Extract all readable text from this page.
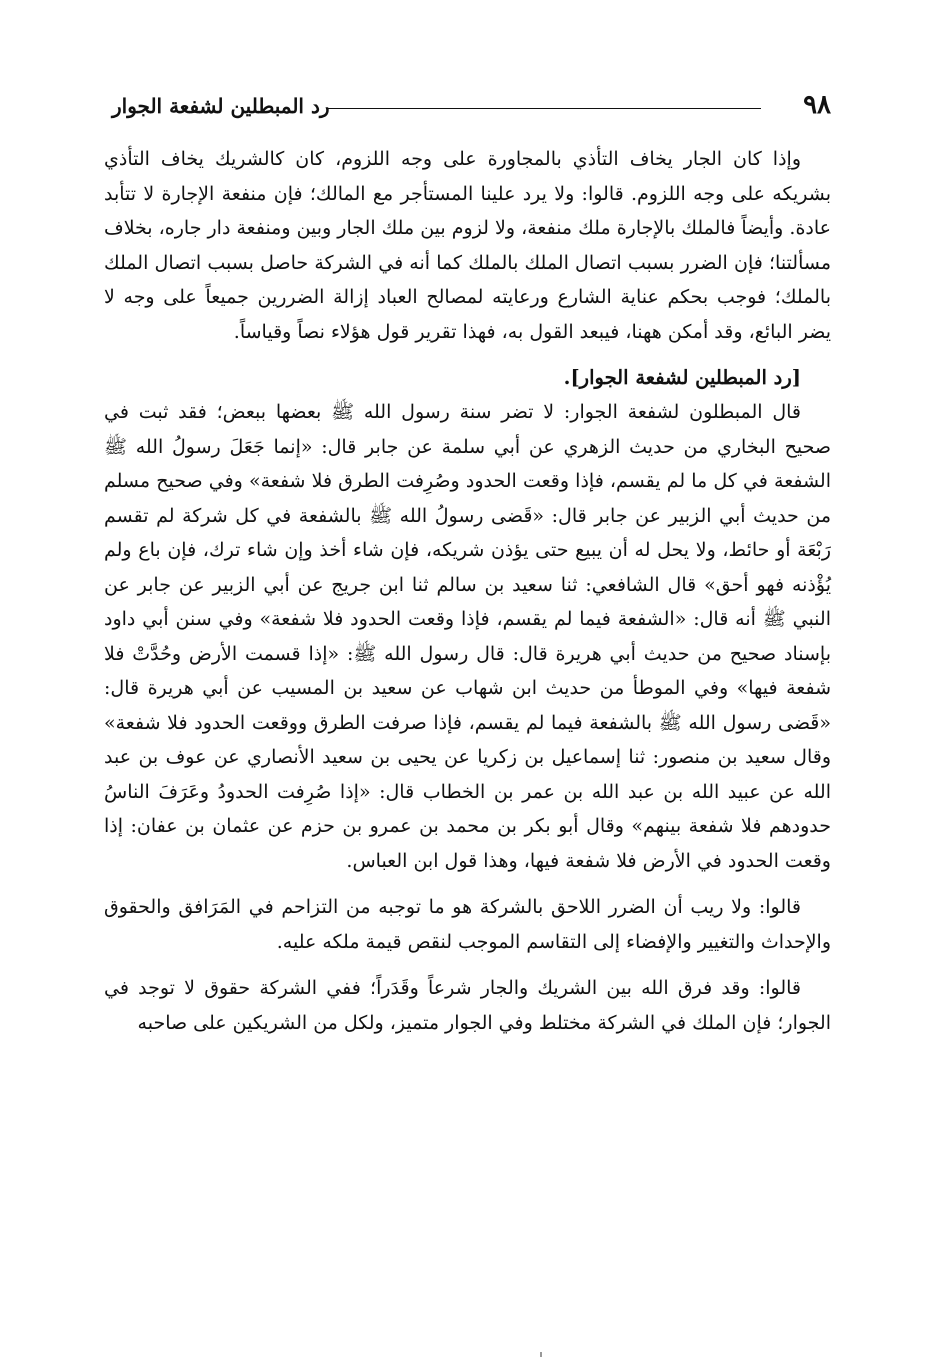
٩٨
رد المبطلين لشفعة الجوار

وإذا كان الجار يخاف التأذي بالمجاورة على وجه اللزوم، كان كالشريك يخاف التأذي بشريكه على وجه اللزوم. قالوا: ولا يرد علينا المستأجر مع المالك؛ فإن منفعة الإجارة لا تتأبد عادة. وأيضاً فالملك بالإجارة ملك منفعة، ولا لزوم بين ملك الجار وبين ومنفعة دار جاره، بخلاف مسألتنا؛ فإن الضرر بسبب اتصال الملك بالملك كما أنه في الشركة حاصل بسبب اتصال الملك بالملك؛ فوجب بحكم عناية الشارع ورعايته لمصالح العباد إزالة الضررين جميعاً على وجه لا يضر البائع، وقد أمكن ههنا، فيبعد القول به، فهذا تقرير قول هؤلاء نصاً وقياساً.

[رد المبطلين لشفعة الجوار].

قال المبطلون لشفعة الجوار: لا تضر سنة رسول الله ﷺ بعضها ببعض؛ فقد ثبت في صحيح البخاري من حديث الزهري عن أبي سلمة عن جابر قال: «إنما جَعَلَ رسولُ الله ﷺ الشفعة في كل ما لم يقسم، فإذا وقعت الحدود وصُرِفت الطرق فلا شفعة» وفي صحيح مسلم من حديث أبي الزبير عن جابر قال: «قَضى رسولُ الله ﷺ بالشفعة في كل شركة لم تقسم رَبْعَة أو حائط، ولا يحل له أن يبيع حتى يؤذن شريكه، فإن شاء أخذ وإن شاء ترك، فإن باع ولم يُؤْذنه فهو أحق» قال الشافعي: ثنا سعيد بن سالم ثنا ابن جريج عن أبي الزبير عن جابر عن النبي ﷺ أنه قال: «الشفعة فيما لم يقسم، فإذا وقعت الحدود فلا شفعة» وفي سنن أبي داود بإسناد صحيح من حديث أبي هريرة قال: قال رسول الله ﷺ: «إذا قسمت الأرض وحُدَّتْ فلا شفعة فيها» وفي الموطأ من حديث ابن شهاب عن سعيد بن المسيب عن أبي هريرة قال: «قَضى رسول الله ﷺ بالشفعة فيما لم يقسم، فإذا صرفت الطرق ووقعت الحدود فلا شفعة» وقال سعيد بن منصور: ثنا إسماعيل بن زكريا عن يحيى بن سعيد الأنصاري عن عوف بن عبد الله عن عبيد الله بن عبد الله بن عمر بن الخطاب قال: «إذا صُرِفت الحدودُ وعَرَفَ الناسُ حدودهم فلا شفعة بينهم» وقال أبو بكر بن محمد بن عمرو بن حزم عن عثمان بن عفان: إذا وقعت الحدود في الأرض فلا شفعة فيها، وهذا قول ابن العباس.

قالوا: ولا ريب أن الضرر اللاحق بالشركة هو ما توجبه من التزاحم في المَرَافق والحقوق والإحداث والتغيير والإفضاء إلى التقاسم الموجب لنقص قيمة ملكه عليه.

قالوا: وقد فرق الله بين الشريك والجار شرعاً وقَدَراً؛ ففي الشركة حقوق لا توجد في الجوار؛ فإن الملك في الشركة مختلط وفي الجوار متميز، ولكل من الشريكين على صاحبه
